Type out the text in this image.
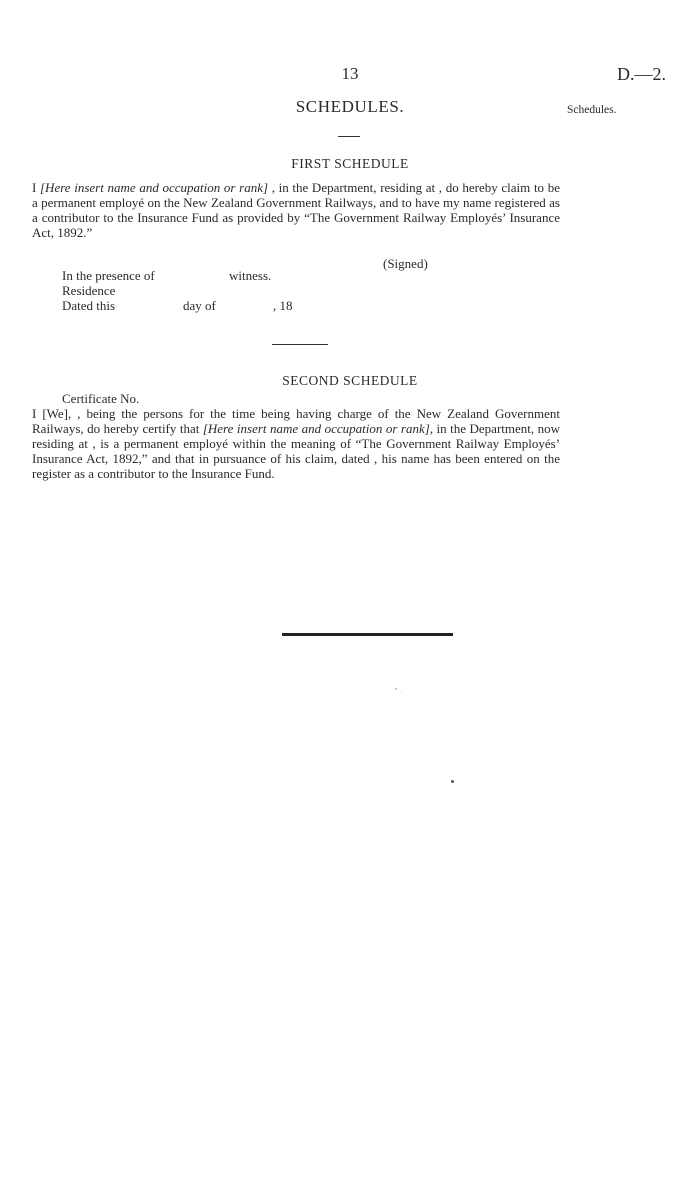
13	D.—2.
Schedules.
SCHEDULES.
FIRST SCHEDULE
I [Here insert name and occupation or rank] , in the Department, residing at , do hereby claim to be a permanent employé on the New Zealand Government Railways, and to have my name registered as a contributor to the Insurance Fund as provided by “The Government Railway Employés’ Insurance Act, 1892.”
(Signed)
In the presence of	witness.
Residence
Dated this	day of	, 18
SECOND SCHEDULE
Certificate No.
I [We], , being the persons for the time being having charge of the New Zealand Government Railways, do hereby certify that [Here insert name and occupation or rank], in the Department, now residing at , is a permanent employé within the meaning of “The Government Railway Employés’ Insurance Act, 1892,” and that in pursuance of his claim, dated , his name has been entered on the register as a contributor to the Insurance Fund.
